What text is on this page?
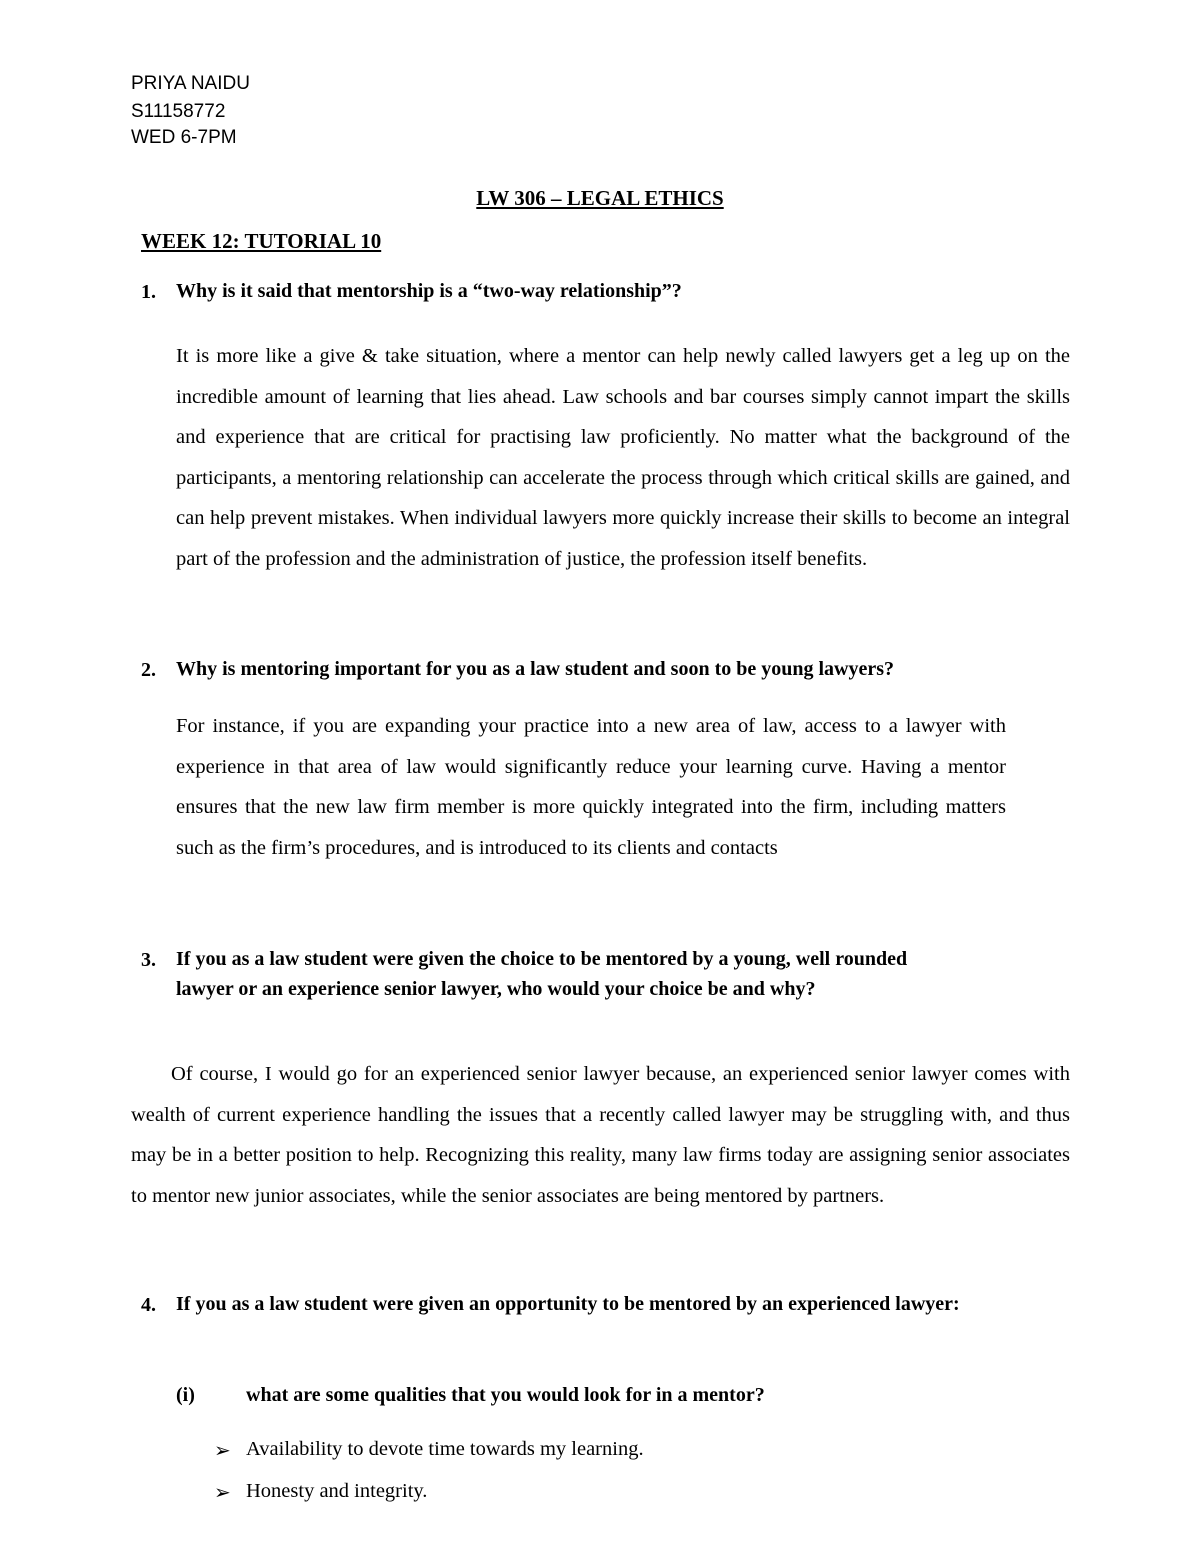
PRIYA NAIDU
S11158772
WED 6-7PM
LW 306 – LEGAL ETHICS
WEEK 12: TUTORIAL 10
1. Why is it said that mentorship is a “two-way relationship”?
It is more like a give & take situation, where a mentor can help newly called lawyers get a leg up on the incredible amount of learning that lies ahead. Law schools and bar courses simply cannot impart the skills and experience that are critical for practising law proficiently. No matter what the background of the participants, a mentoring relationship can accelerate the process through which critical skills are gained, and can help prevent mistakes. When individual lawyers more quickly increase their skills to become an integral part of the profession and the administration of justice, the profession itself benefits.
2. Why is mentoring important for you as a law student and soon to be young lawyers?
For instance, if you are expanding your practice into a new area of law, access to a lawyer with experience in that area of law would significantly reduce your learning curve. Having a mentor ensures that the new law firm member is more quickly integrated into the firm, including matters such as the firm’s procedures, and is introduced to its clients and contacts
3. If you as a law student were given the choice to be mentored by a young, well rounded lawyer or an experience senior lawyer, who would your choice be and why?
Of course, I would go for an experienced senior lawyer because, an experienced senior lawyer comes with wealth of current experience handling the issues that a recently called lawyer may be struggling with, and thus may be in a better position to help. Recognizing this reality, many law firms today are assigning senior associates to mentor new junior associates, while the senior associates are being mentored by partners.
4. If you as a law student were given an opportunity to be mentored by an experienced lawyer:
(i)	what are some qualities that you would look for in a mentor?
➢ Availability to devote time towards my learning.
➢ Honesty and integrity.
